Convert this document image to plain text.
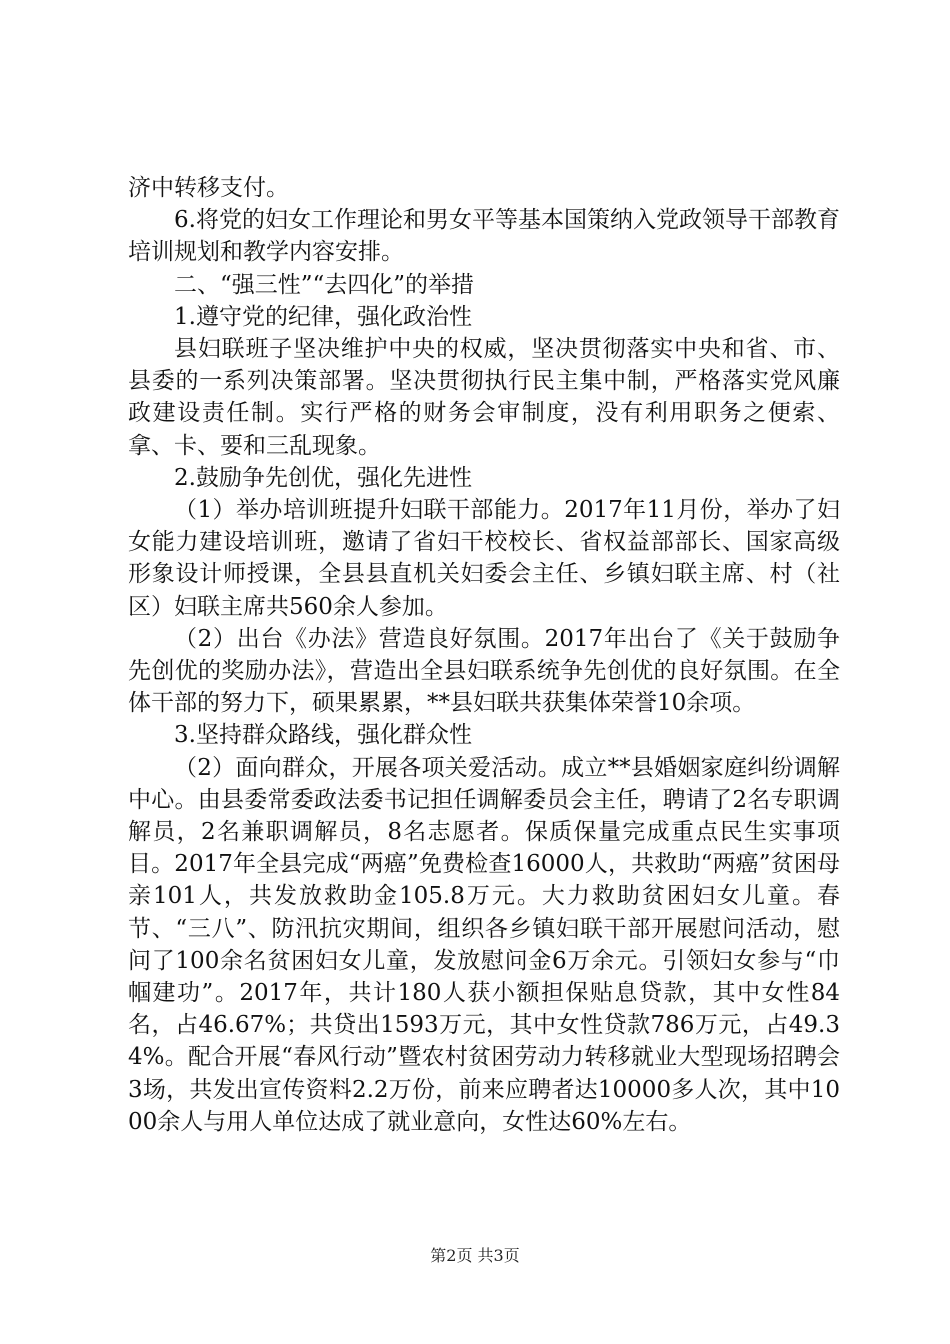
济中转移支付。

6.将党的妇女工作理论和男女平等基本国策纳入党政领导干部教育培训规划和教学内容安排。

二、“强三性”“去四化”的举措

1.遵守党的纪律，强化政治性

县妇联班子坚决维护中央的权威，坚决贯彻落实中央和省、市、县委的一系列决策部署。坚决贯彻执行民主集中制，严格落实党风廉政建设责任制。实行严格的财务会审制度，没有利用职务之便索、拿、卡、要和三乱现象。

2.鼓励争先创优，强化先进性

（1）举办培训班提升妇联干部能力。2017年11月份，举办了妇女能力建设培训班，邀请了省妇干校校长、省权益部部长、国家高级形象设计师授课，全县县直机关妇委会主任、乡镇妇联主席、村（社区）妇联主席共560余人参加。

（2）出台《办法》营造良好氛围。2017年出台了《关于鼓励争先创优的奖励办法》，营造出全县妇联系统争先创优的良好氛围。在全体干部的努力下，硕果累累，**县妇联共获集体荣誉10余项。

3.坚持群众路线，强化群众性

（2）面向群众，开展各项关爱活动。成立**县婚姻家庭纠纷调解中心。由县委常委政法委书记担任调解委员会主任，聘请了2名专职调解员，2名兼职调解员，8名志愿者。保质保量完成重点民生实事项目。2017年全县完成“两癌”免费检查16000人，共救助“两癌”贫困母亲101人，共发放救助金105.8万元。大力救助贫困妇女儿童。春节、“三八”、防汛抗灾期间，组织各乡镇妇联干部开展慰问活动，慰问了100余名贫困妇女儿童，发放慰问金6万余元。引领妇女参与“巾帼建功”。2017年，共计180人获小额担保贴息贷款，其中女性84名，占46.67%；共贷出1593万元，其中女性贷款786万元，占49.34%。配合开展“春风行动”暨农村贫困劳动力转移就业大型现场招聘会3场，共发出宣传资料2.2万份，前来应聘者达10000多人次，其中1000余人与用人单位达成了就业意向，女性达60%左右。

第2页 共3页
